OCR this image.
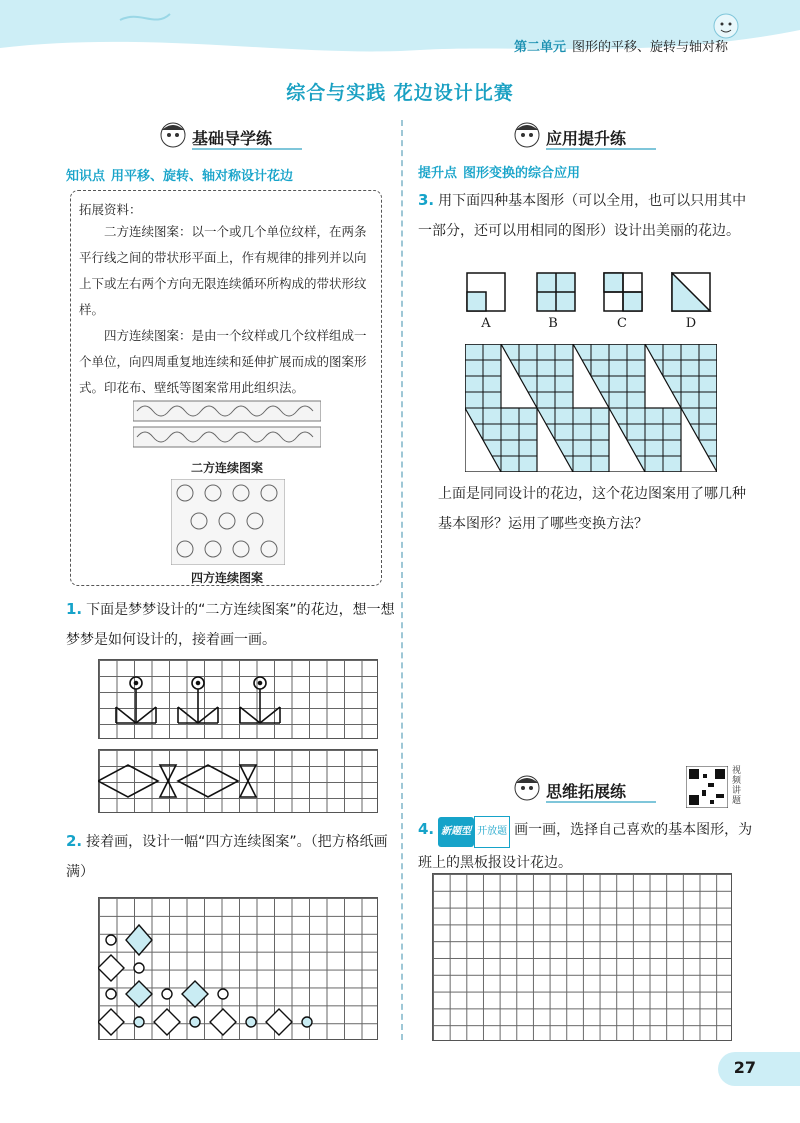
第二单元 图形的平移、旋转与轴对称
综合与实践 花边设计比赛
基础导学练
知识点 用平移、旋转、轴对称设计花边
拓展资料：
二方连续图案：以一个或几个单位纹样，在两条平行线之间的带状形平面上，作有规律的排列并以向上下或左右两个方向无限连续循环所构成的带状形纹样。
四方连续图案：是由一个纹样或几个纹样组成一个单位，向四周重复地连续和延伸扩展而成的图案形式。印花布、壁纸等图案常用此组织法。
二方连续图案
四方连续图案
1. 下面是梦梦设计的“二方连续图案”的花边，想一想梦梦是如何设计的，接着画一画。
2. 接着画，设计一幅“四方连续图案”。（把方格纸画满）
应用提升练
提升点 图形变换的综合应用
3. 用下面四种基本图形（可以全用，也可以只用其中一部分，还可以用相同的图形）设计出美丽的花边。
A	B	C	D
上面是同同设计的花边，这个花边图案用了哪几种基本图形？运用了哪些变换方法？
思维拓展练
视频讲题
4. 新题型 开放题 画一画，选择自己喜欢的基本图形，为班上的黑板报设计花边。
27
